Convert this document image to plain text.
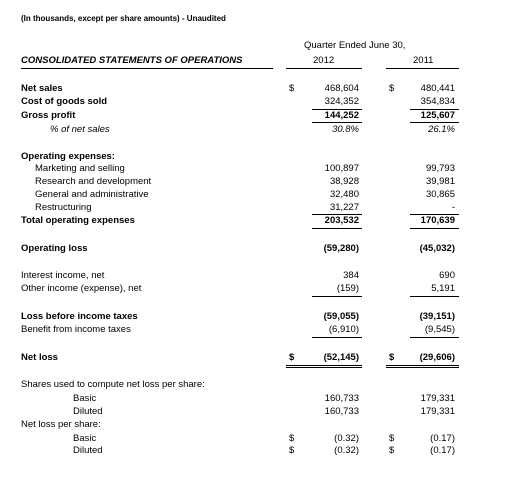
(In thousands, except per share amounts) - Unaudited
Quarter Ended June 30,
CONSOLIDATED STATEMENTS OF OPERATIONS	2012	2011
Net sales	$	468,604	$	480,441
Cost of goods sold	324,352	354,834
Gross profit	144,252	125,607
% of net sales	30.8%	26.1%
Operating expenses:
Marketing and selling	100,897	99,793
Research and development	38,928	39,981
General and administrative	32,480	30,865
Restructuring	31,227	-
Total operating expenses	203,532	170,639
Operating loss	(59,280)	(45,032)
Interest income, net	384	690
Other income (expense), net	(159)	5,191
Loss before income taxes	(59,055)	(39,151)
Benefit from income taxes	(6,910)	(9,545)
Net loss	$	(52,145)	$	(29,606)
Shares used to compute net loss per share:
Basic	160,733	179,331
Diluted	160,733	179,331
Net loss per share:
Basic	$	(0.32)	$	(0.17)
Diluted	$	(0.32)	$	(0.17)
